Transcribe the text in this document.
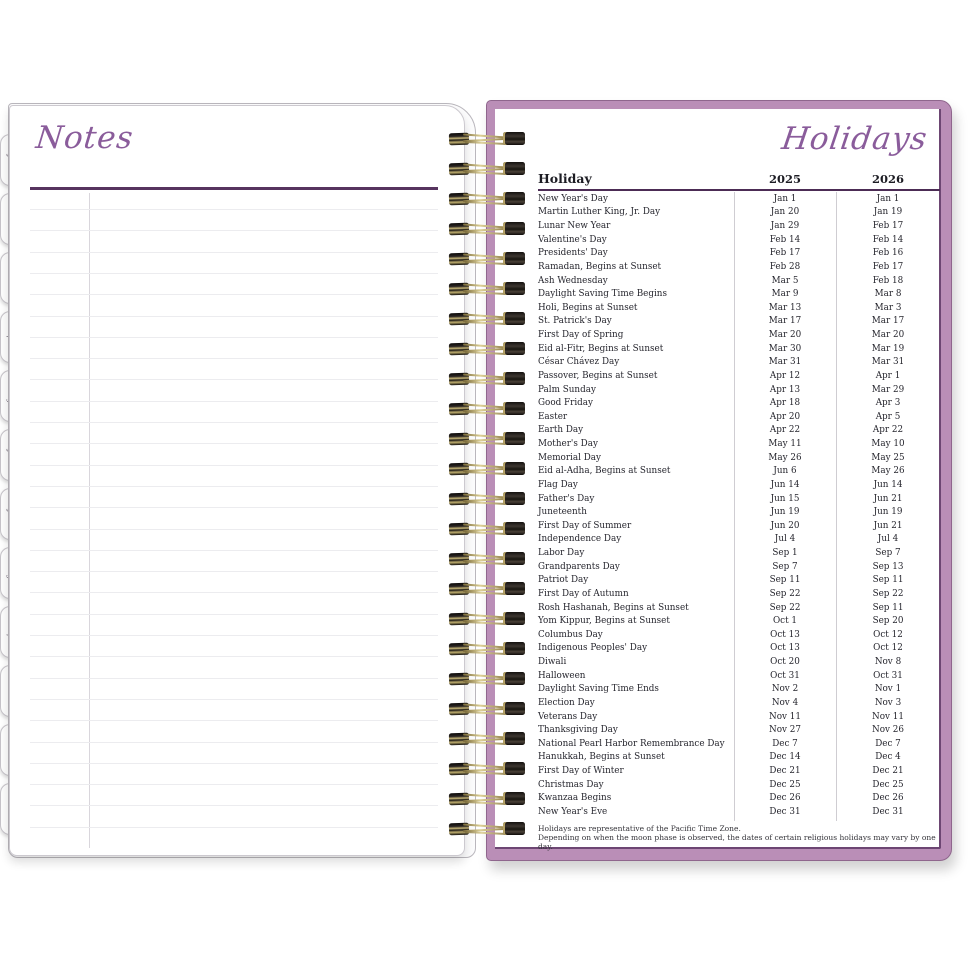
Notes	Holidays
Holiday	2025	2026
New Year's Day	Jan 1	Jan 1
Martin Luther King, Jr. Day	Jan 20	Jan 19
Lunar New Year	Jan 29	Feb 17
Valentine's Day	Feb 14	Feb 14
Presidents' Day	Feb 17	Feb 16
Ramadan, Begins at Sunset	Feb 28	Feb 17
Ash Wednesday	Mar 5	Feb 18
Daylight Saving Time Begins	Mar 9	Mar 8
Holi, Begins at Sunset	Mar 13	Mar 3
St. Patrick's Day	Mar 17	Mar 17
First Day of Spring	Mar 20	Mar 20
Eid al-Fitr, Begins at Sunset	Mar 30	Mar 19
César Chávez Day	Mar 31	Mar 31
Passover, Begins at Sunset	Apr 12	Apr 1
Palm Sunday	Apr 13	Mar 29
Good Friday	Apr 18	Apr 3
Easter	Apr 20	Apr 5
Earth Day	Apr 22	Apr 22
Mother's Day	May 11	May 10
Memorial Day	May 26	May 25
Eid al-Adha, Begins at Sunset	Jun 6	May 26
Flag Day	Jun 14	Jun 14
Father's Day	Jun 15	Jun 21
Juneteenth	Jun 19	Jun 19
First Day of Summer	Jun 20	Jun 21
Independence Day	Jul 4	Jul 4
Labor Day	Sep 1	Sep 7
Grandparents Day	Sep 7	Sep 13
Patriot Day	Sep 11	Sep 11
First Day of Autumn	Sep 22	Sep 22
Rosh Hashanah, Begins at Sunset	Sep 22	Sep 11
Yom Kippur, Begins at Sunset	Oct 1	Sep 20
Columbus Day	Oct 13	Oct 12
Indigenous Peoples' Day	Oct 13	Oct 12
Diwali	Oct 20	Nov 8
Halloween	Oct 31	Oct 31
Daylight Saving Time Ends	Nov 2	Nov 1
Election Day	Nov 4	Nov 3
Veterans Day	Nov 11	Nov 11
Thanksgiving Day	Nov 27	Nov 26
National Pearl Harbor Remembrance Day	Dec 7	Dec 7
Hanukkah, Begins at Sunset	Dec 14	Dec 4
First Day of Winter	Dec 21	Dec 21
Christmas Day	Dec 25	Dec 25
Kwanzaa Begins	Dec 26	Dec 26
New Year's Eve	Dec 31	Dec 31
Holidays are representative of the Pacific Time Zone.
Depending on when the moon phase is observed, the dates of certain religious holidays may vary by one day.
